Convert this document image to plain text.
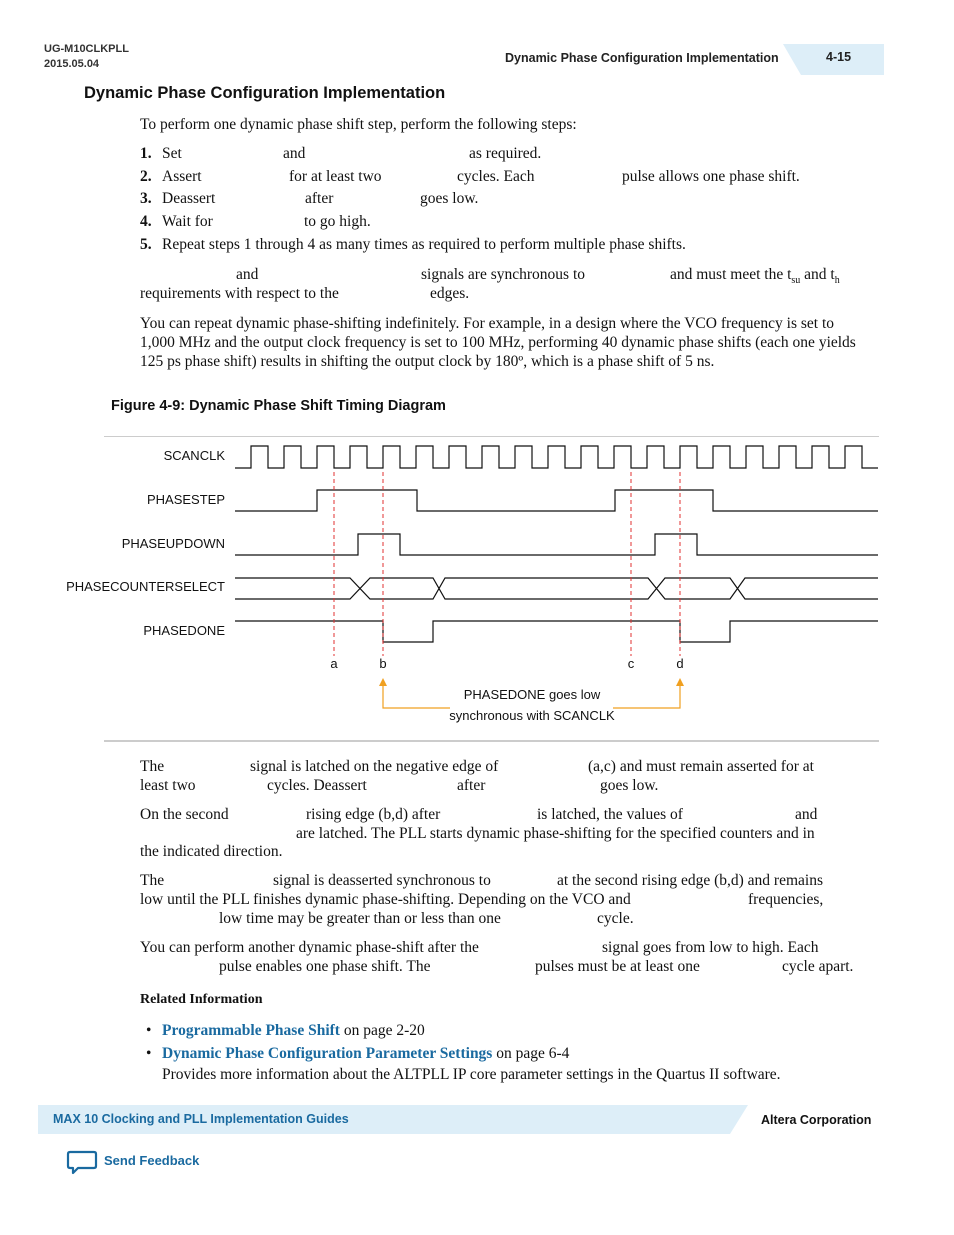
UG-M10CLKPLL
2015.05.04	Dynamic Phase Configuration Implementation	4-15
Dynamic Phase Configuration Implementation
To perform one dynamic phase shift step, perform the following steps:
1. Set	and	as required.
2. Assert	for at least two	cycles. Each	pulse allows one phase shift.
3. Deassert	after	goes low.
4. Wait for	to go high.
5. Repeat steps 1 through 4 as many times as required to perform multiple phase shifts.
and	signals are synchronous to	and must meet the $t_{su}$ and $t_h$
requirements with respect to the	edges.
You can repeat dynamic phase-shifting indefinitely. For example, in a design where the VCO frequency is set to 1,000 MHz and the output clock frequency is set to 100 MHz, performing 40 dynamic phase shifts (each one yields 125 ps phase shift) results in shifting the output clock by 180º, which is a phase shift of 5 ns.
Figure 4-9: Dynamic Phase Shift Timing Diagram
SCANCLK
PHASESTEP
PHASEUPDOWN
PHASECOUNTERSELECT
PHASEDONE
a	b	c	d
PHASEDONE goes low
synchronous with SCANCLK
The	signal is latched on the negative edge of	(a,c) and must remain asserted for at
least two	cycles. Deassert	after	goes low.
On the second	rising edge (b,d) after	is latched, the values of	and
are latched. The PLL starts dynamic phase-shifting for the specified counters and in
the indicated direction.
The	signal is deasserted synchronous to	at the second rising edge (b,d) and remains
low until the PLL finishes dynamic phase-shifting. Depending on the VCO and	frequencies,
low time may be greater than or less than one	cycle.
You can perform another dynamic phase-shift after the	signal goes from low to high. Each
pulse enables one phase shift. The	pulses must be at least one	cycle apart.
Related Information
• Programmable Phase Shift on page 2-20
• Dynamic Phase Configuration Parameter Settings on page 6-4
Provides more information about the ALTPLL IP core parameter settings in the Quartus II software.
MAX 10 Clocking and PLL Implementation Guides	Altera Corporation
Send Feedback
